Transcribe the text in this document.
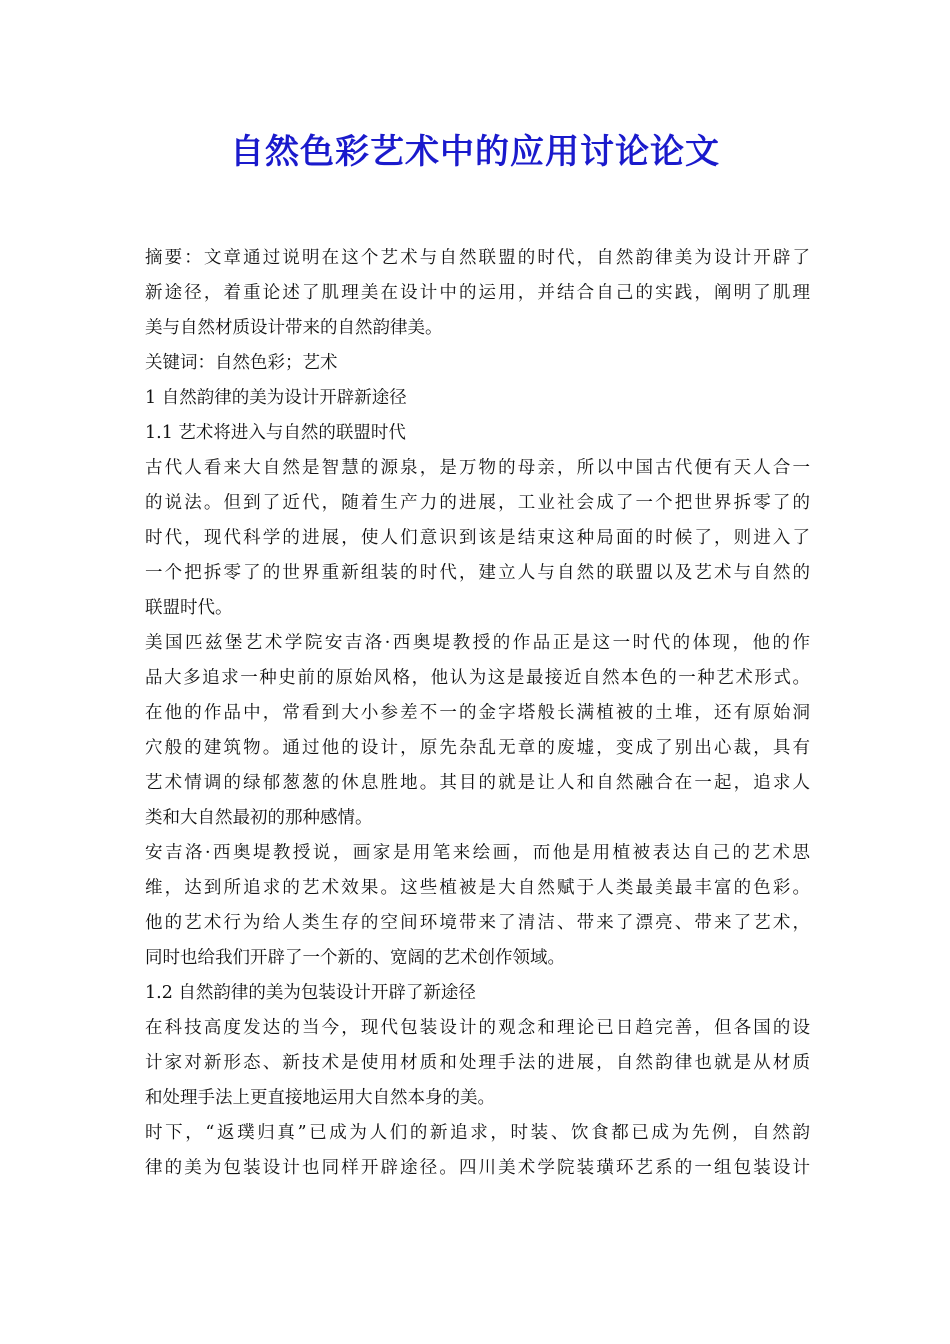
自然色彩艺术中的应用讨论论文
摘要：文章通过说明在这个艺术与自然联盟的时代，自然韵律美为设计开辟了
新途径，着重论述了肌理美在设计中的运用，并结合自己的实践，阐明了肌理
美与自然材质设计带来的自然韵律美。
关键词：自然色彩；艺术
1 自然韵律的美为设计开辟新途径
1.1 艺术将进入与自然的联盟时代
古代人看来大自然是智慧的源泉，是万物的母亲，所以中国古代便有天人合一
的说法。但到了近代，随着生产力的进展，工业社会成了一个把世界拆零了的
时代，现代科学的进展，使人们意识到该是结束这种局面的时候了，则进入了
一个把拆零了的世界重新组装的时代，建立人与自然的联盟以及艺术与自然的
联盟时代。
美国匹兹堡艺术学院安吉洛·西奥堤教授的作品正是这一时代的体现，他的作
品大多追求一种史前的原始风格，他认为这是最接近自然本色的一种艺术形式。
在他的作品中，常看到大小参差不一的金字塔般长满植被的土堆，还有原始洞
穴般的建筑物。通过他的设计，原先杂乱无章的废墟，变成了别出心裁，具有
艺术情调的绿郁葱葱的休息胜地。其目的就是让人和自然融合在一起，追求人
类和大自然最初的那种感情。
安吉洛·西奥堤教授说，画家是用笔来绘画，而他是用植被表达自己的艺术思
维，达到所追求的艺术效果。这些植被是大自然赋于人类最美最丰富的色彩。
他的艺术行为给人类生存的空间环境带来了清洁、带来了漂亮、带来了艺术，
同时也给我们开辟了一个新的、宽阔的艺术创作领域。
1.2 自然韵律的美为包装设计开辟了新途径
在科技高度发达的当今，现代包装设计的观念和理论已日趋完善，但各国的设
计家对新形态、新技术是使用材质和处理手法的进展，自然韵律也就是从材质
和处理手法上更直接地运用大自然本身的美。
时下，“返璞归真”已成为人们的新追求，时装、饮食都已成为先例，自然韵
律的美为包装设计也同样开辟途径。四川美术学院装璜环艺系的一组包装设计
